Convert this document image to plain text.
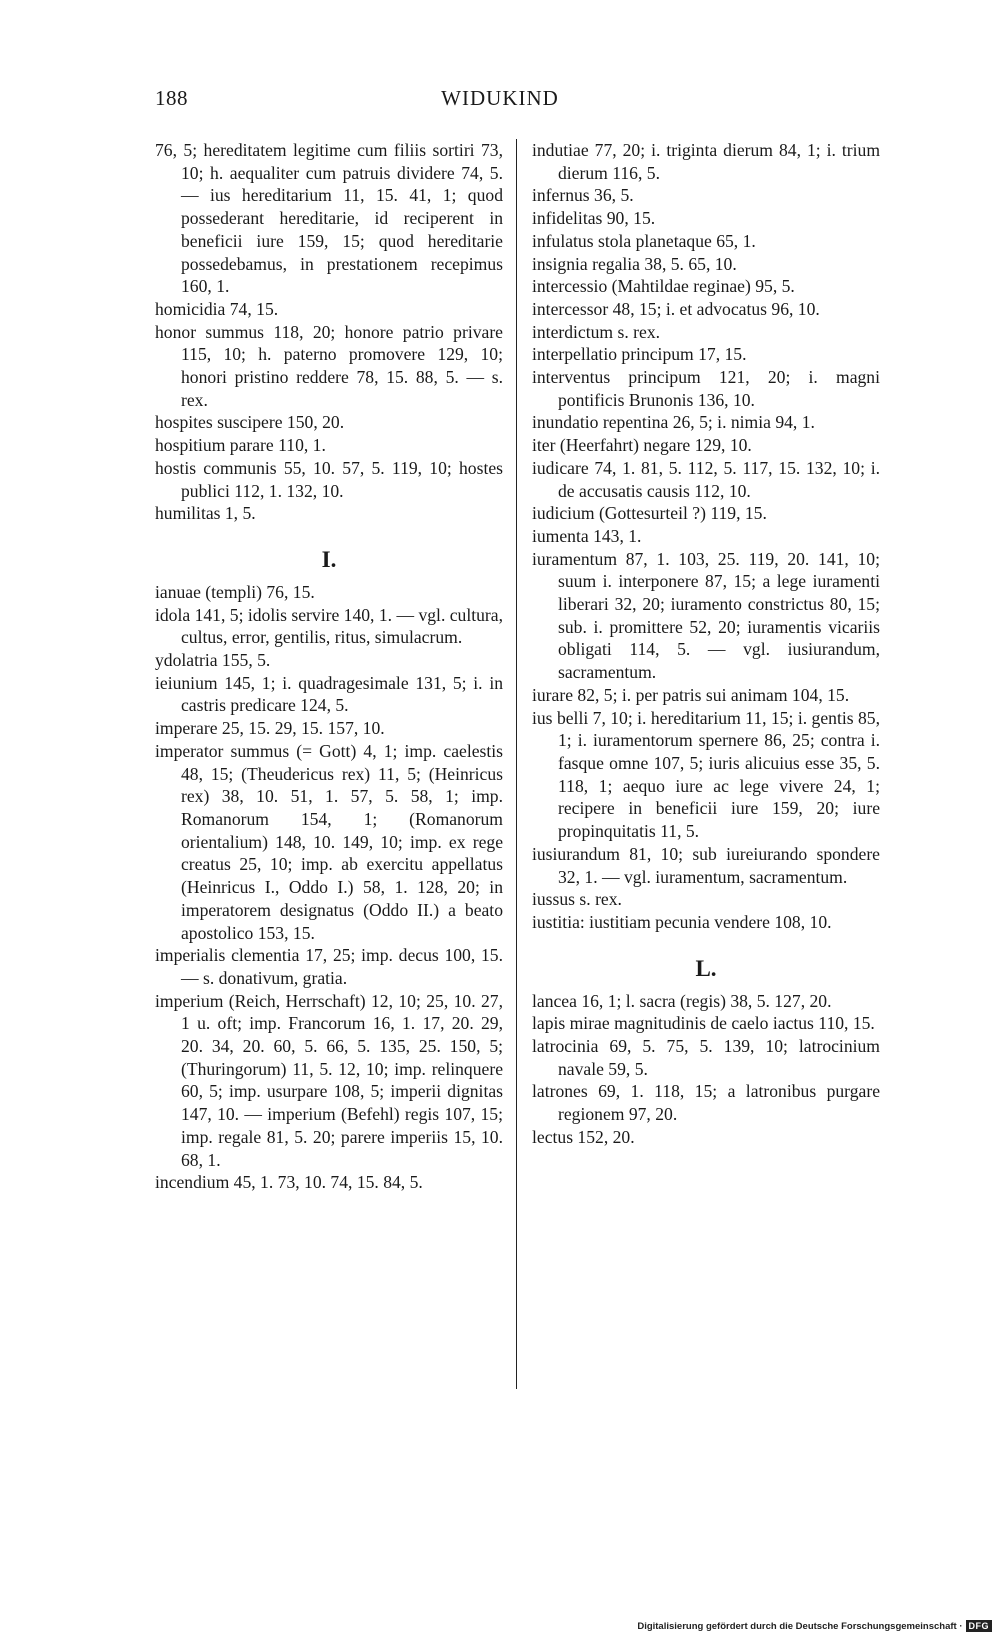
188	WIDUKIND

76, 5; hereditatem legitime cum filiis sortiri 73, 10; h. aequaliter cum patruis dividere 74, 5. — ius hereditarium 11, 15. 41, 1; quod possederant hereditarie, id reciperent in beneficii iure 159, 15; quod hereditarie possedebamus, in prestationem recepimus 160, 1.

homicidia 74, 15.

honor summus 118, 20; honore patrio privare 115, 10; h. paterno promovere 129, 10; honori pristino reddere 78, 15. 88, 5. — s. rex.

hospites suscipere 150, 20.

hospitium parare 110, 1.

hostis communis 55, 10. 57, 5. 119, 10; hostes publici 112, 1. 132, 10.

humilitas 1, 5.

I.

ianuae (templi) 76, 15.

idola 141, 5; idolis servire 140, 1. — vgl. cultura, cultus, error, gentilis, ritus, simulacrum.

ydolatria 155, 5.

ieiunium 145, 1; i. quadragesimale 131, 5; i. in castris predicare 124, 5.

imperare 25, 15. 29, 15. 157, 10.

imperator summus (= Gott) 4, 1; imp. caelestis 48, 15; (Theudericus rex) 11, 5; (Heinricus rex) 38, 10. 51, 1. 57, 5. 58, 1; imp. Romanorum 154, 1; (Romanorum orientalium) 148, 10. 149, 10; imp. ex rege creatus 25, 10; imp. ab exercitu appellatus (Heinricus I., Oddo I.) 58, 1. 128, 20; in imperatorem designatus (Oddo II.) a beato apostolico 153, 15.

imperialis clementia 17, 25; imp. decus 100, 15. — s. donativum, gratia.

imperium (Reich, Herrschaft) 12, 10; 25, 10. 27, 1 u. oft; imp. Francorum 16, 1. 17, 20. 29, 20. 34, 20. 60, 5. 66, 5. 135, 25. 150, 5; (Thuringorum) 11, 5. 12, 10; imp. relinquere 60, 5; imp. usurpare 108, 5; imperii dignitas 147, 10. — imperium (Befehl) regis 107, 15; imp. regale 81, 5. 20; parere imperiis 15, 10. 68, 1.

incendium 45, 1. 73, 10. 74, 15. 84, 5.

indutiae 77, 20; i. triginta dierum 84, 1; i. trium dierum 116, 5.

infernus 36, 5.

infidelitas 90, 15.

infulatus stola planetaque 65, 1.

insignia regalia 38, 5. 65, 10.

intercessio (Mahtildae reginae) 95, 5.

intercessor 48, 15; i. et advocatus 96, 10.

interdictum s. rex.

interpellatio principum 17, 15.

interventus principum 121, 20; i. magni pontificis Brunonis 136, 10.

inundatio repentina 26, 5; i. nimia 94, 1.

iter (Heerfahrt) negare 129, 10.

iudicare 74, 1. 81, 5. 112, 5. 117, 15. 132, 10; i. de accusatis causis 112, 10.

iudicium (Gottesurteil ?) 119, 15.

iumenta 143, 1.

iuramentum 87, 1. 103, 25. 119, 20. 141, 10; suum i. interponere 87, 15; a lege iuramenti liberari 32, 20; iuramento constrictus 80, 15; sub. i. promittere 52, 20; iuramentis vicariis obligati 114, 5. — vgl. iusiurandum, sacramentum.

iurare 82, 5; i. per patris sui animam 104, 15.

ius belli 7, 10; i. hereditarium 11, 15; i. gentis 85, 1; i. iuramentorum spernere 86, 25; contra i. fasque omne 107, 5; iuris alicuius esse 35, 5. 118, 1; aequo iure ac lege vivere 24, 1; recipere in beneficii iure 159, 20; iure propinquitatis 11, 5.

iusiurandum 81, 10; sub iureiurando spondere 32, 1. — vgl. iuramentum, sacramentum.

iussus s. rex.

iustitia: iustitiam pecunia vendere 108, 10.

L.

lancea 16, 1; l. sacra (regis) 38, 5. 127, 20.

lapis mirae magnitudinis de caelo iactus 110, 15.

latrocinia 69, 5. 75, 5. 139, 10; latrocinium navale 59, 5.

latrones 69, 1. 118, 15; a latronibus purgare regionem 97, 20.

lectus 152, 20.

Digitalisierung gefördert durch die Deutsche Forschungsgemeinschaft · DFG
